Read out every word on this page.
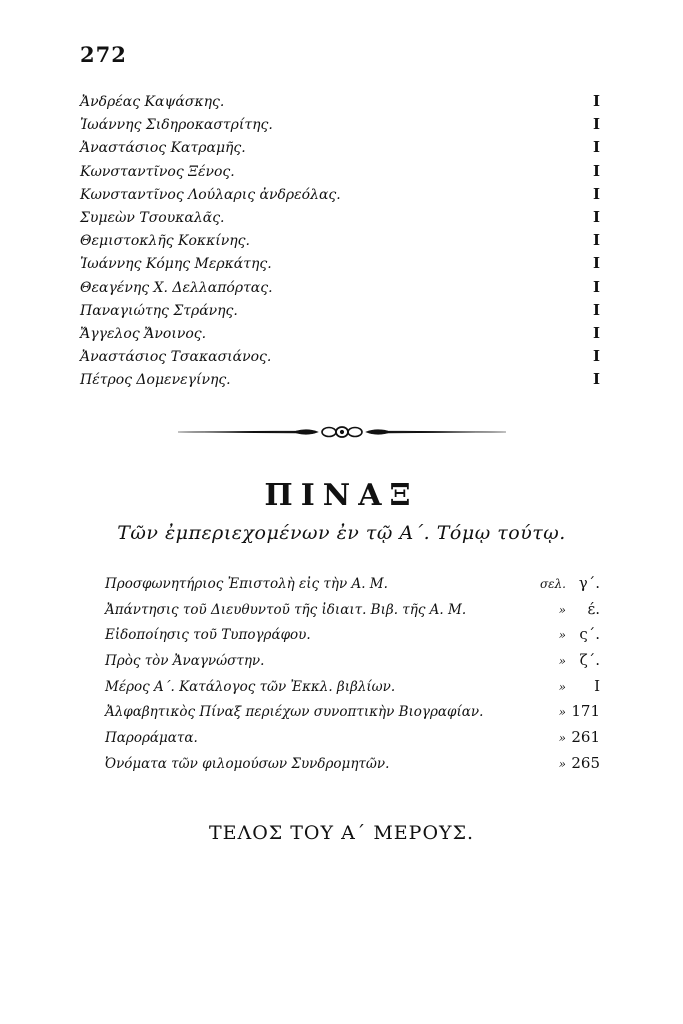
272
Ἀνδρέας Καψάσκης.	I
Ἰωάννης Σιδηροκαστρίτης.	I
Ἀναστάσιος Κατραμῆς.	I
Κωνσταντῖνος Ξένος.	I
Κωνσταντῖνος Λούλαρις ἀνδρεόλας.	I
Συμεὼν Τσουκαλᾶς.	I
Θεμιστοκλῆς Κοκκίνης.	I
Ἰωάννης Κόμης Μερκάτης.	I
Θεαγένης Χ. Δελλαπόρτας.	I
Παναγιώτης Στράνης.	I
Ἄγγελος Ἄνοινος.	I
Ἀναστάσιος Τσακασιάνος.	I
Πέτρος Δομενεγίνης.	I
ΠΙΝΑΞ
Τῶν ἐμπεριεχομένων ἐν τῷ Α΄. Τόμῳ τούτῳ.
Προσφωνητήριος Ἐπιστολὴ εἰς τὴν Α. Μ.	σελ. γ΄.
Ἀπάντησις τοῦ Διευθυντοῦ τῆς ἰδιαιτ. Βιβ. τῆς Α. Μ.	»	έ.
Εἰδοποίησις τοῦ Τυπογράφου.	» ς΄.
Πρὸς τὸν Ἀναγνώστην.	» ζ΄.
Μέρος Α΄. Κατάλογος τῶν Ἐκκλ. βιβλίων.	»	I
Ἀλφαβητικὸς Πίναξ περιέχων συνοπτικὴν Βιογραφίαν.	» 171
Παροράματα.	» 261
Ὀνόματα τῶν φιλομούσων Συνδρομητῶν.	» 265
ΤΕΛΟΣ ΤΟΥ Α΄ ΜΕΡΟΥΣ.
